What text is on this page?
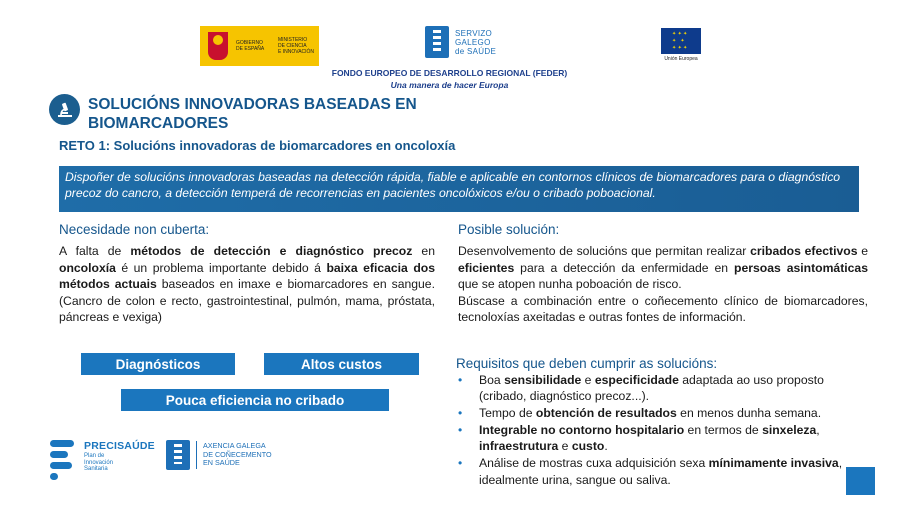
GOBIERNO
DE ESPAÑA
MINISTERIO
DE CIENCIA
E INNOVACIÓN
SERVIZO
GALEGO
de SAÚDE
✦ ✦ ✦ ✦ ✦ ✦ ✦ ✦
Unión Europea
FONDO EUROPEO DE DESARROLLO REGIONAL (FEDER)
Una manera de hacer Europa
SOLUCIÓNS INNOVADORAS BASEADAS EN BIOMARCADORES
RETO 1: Solucións innovadoras de biomarcadores en oncoloxía
Dispoñer de solucións innovadoras baseadas na detección rápida, fiable e aplicable en contornos clínicos de biomarcadores para o diagnóstico precoz do cancro, a detección temperá de recorrencias en pacientes oncolóxicos e/ou o cribado poboacional.
Necesidade non cuberta:
A falta de métodos de detección e diagnóstico precoz en oncoloxía é un problema importante debido á baixa eficacia dos métodos actuais baseados en imaxe e biomarcadores en sangue. (Cancro de colon e recto, gastrointestinal, pulmón, mama, próstata, páncreas e vexiga)
Diagnósticos	Altos custos
Pouca eficiencia no cribado
Posible solución:

Desenvolvemento de solucións que permitan realizar cribados efectivos e eficientes para a detección da enfermidade en persoas asintomáticas que se atopen nunha poboación de risco.

Búscase a combinación entre o coñecemento clínico de biomarcadores, tecnoloxías axeitadas e outras fontes de información.

Requisitos que deben cumprir as solucións:
• Boa sensibilidade e especificidade adaptada ao uso proposto (cribado, diagnóstico precoz...).
• Tempo de obtención de resultados en menos dunha semana.
• Integrable no contorno hospitalario en termos de sinxeleza, infraestrutura e custo.
• Análise de mostras cuxa adquisición sexa mínimamente invasiva, idealmente urina, sangue ou saliva.
PRECISAÚDE
Plan de
Innovación
Sanitaria
AXENCIA GALEGA
DE COÑECEMENTO
EN SAÚDE
